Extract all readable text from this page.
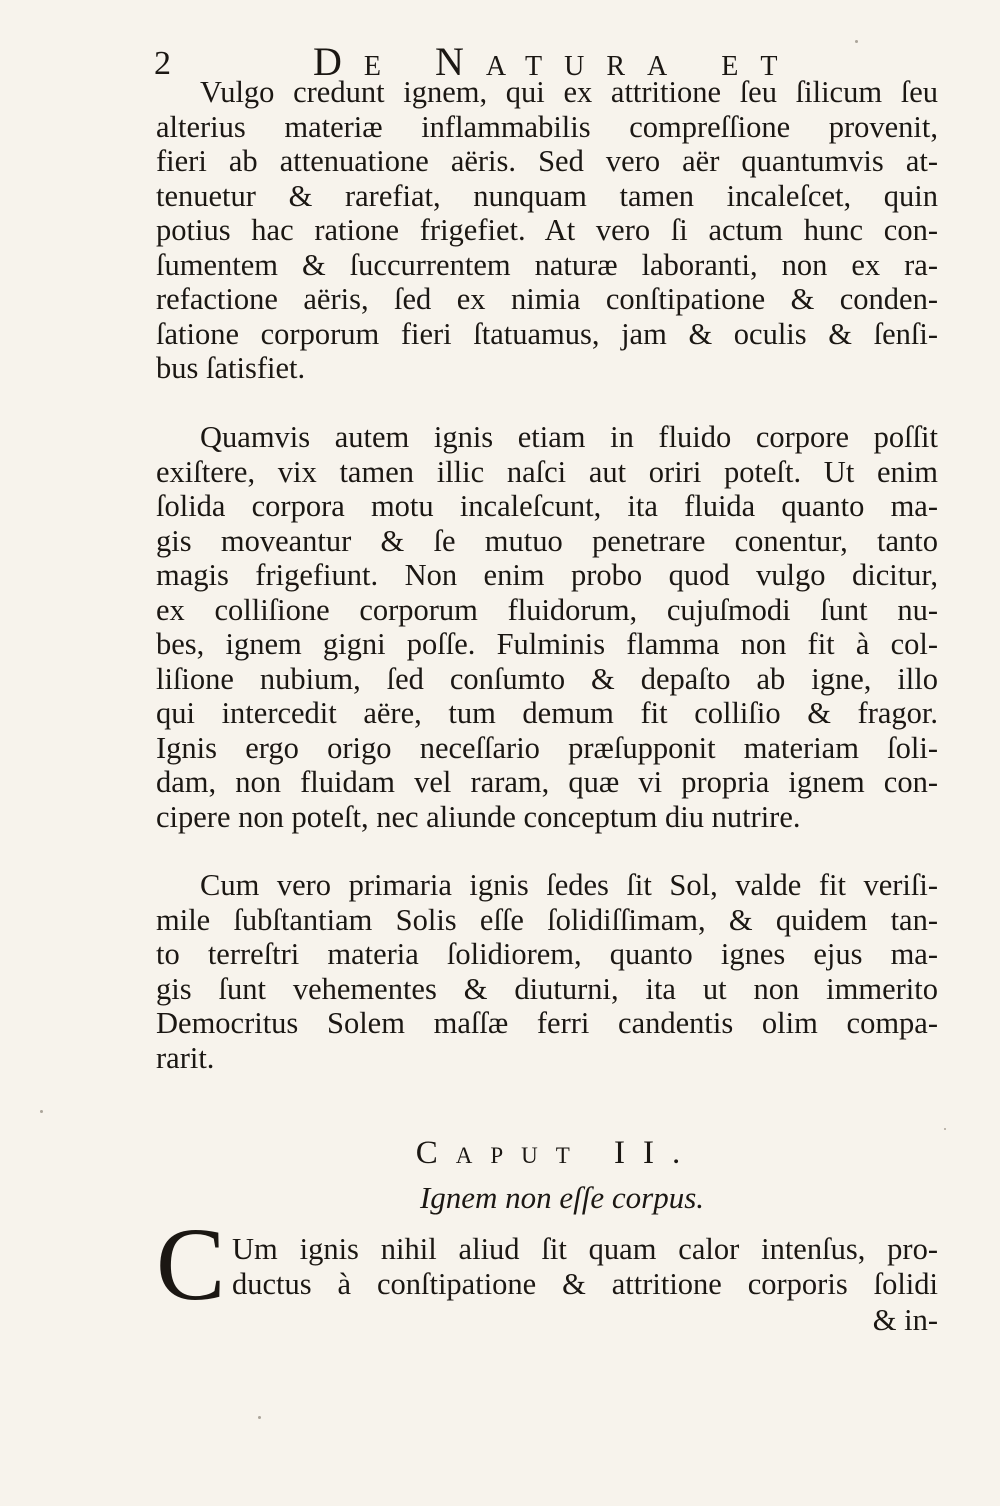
2	De Natura et
Vulgo credunt ignem, qui ex attritione ſeu ſilicum ſeu
alterius materiæ inflammabilis compreſſione provenit,
fieri ab attenuatione aëris. Sed vero aër quantumvis at-
tenuetur & rarefiat, nunquam tamen incaleſcet, quin
potius hac ratione frigefiet. At vero ſi actum hunc con-
ſumentem & ſuccurrentem naturæ laboranti, non ex ra-
refactione aëris, ſed ex nimia conſtipatione & conden-
ſatione corporum fieri ſtatuamus, jam & oculis & ſenſi-
bus ſatisfiet.
Quamvis autem ignis etiam in fluido corpore poſſit
exiſtere, vix tamen illic naſci aut oriri poteſt. Ut enim
ſolida corpora motu incaleſcunt, ita fluida quanto ma-
gis moveantur & ſe mutuo penetrare conentur, tanto
magis frigefiunt. Non enim probo quod vulgo dicitur,
ex colliſione corporum fluidorum, cujuſmodi ſunt nu-
bes, ignem gigni poſſe. Fulminis flamma non fit à col-
liſione nubium, ſed conſumto & depaſto ab igne, illo
qui intercedit aëre, tum demum fit colliſio & fragor.
Ignis ergo origo neceſſario præſupponit materiam ſoli-
dam, non fluidam vel raram, quæ vi propria ignem con-
cipere non poteſt, nec aliunde conceptum diu nutrire.
Cum vero primaria ignis ſedes ſit Sol, valde fit veriſi-
mile ſubſtantiam Solis eſſe ſolidiſſimam, & quidem tan-
to terreſtri materia ſolidiorem, quanto ignes ejus ma-
gis ſunt vehementes & diuturni, ita ut non immerito
Democritus Solem maſſæ ferri candentis olim compa-
rarit.
Caput II.
Ignem non eſſe corpus.
C Um ignis nihil aliud ſit quam calor intenſus, pro-
ductus à conſtipatione & attritione corporis ſolidi
& in-
